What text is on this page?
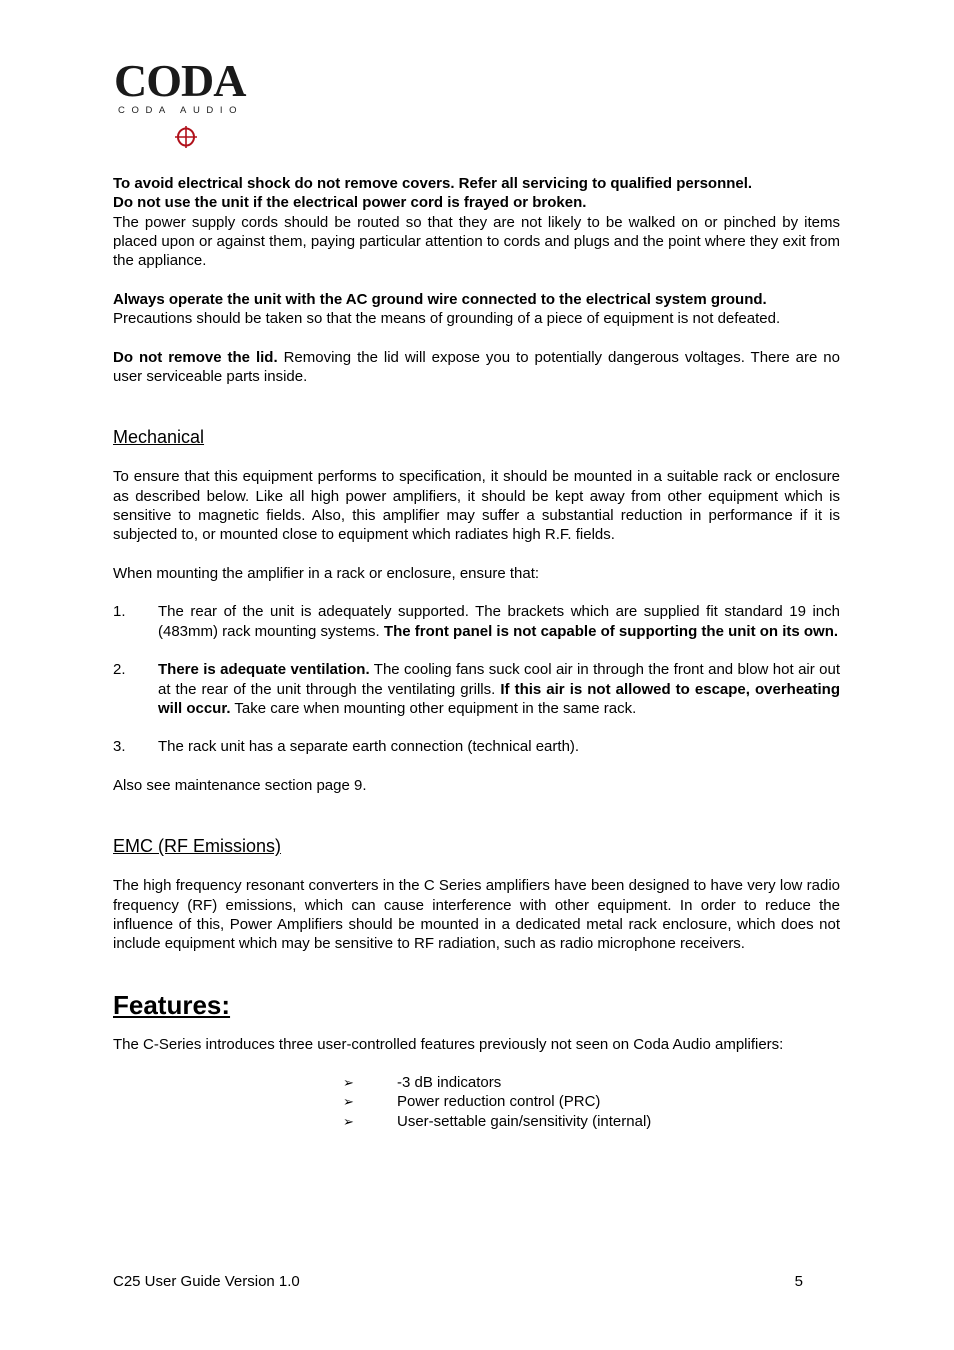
CODA
CODA AUDIO

To avoid electrical shock do not remove covers. Refer all servicing to qualified personnel.

Do not use the unit if the electrical power cord is frayed or broken.

The power supply cords should be routed so that they are not likely to be walked on or pinched by items placed upon or against them, paying particular attention to cords and plugs and the point where they exit from the appliance.

Always operate the unit with the AC ground wire connected to the electrical system ground.

Precautions should be taken so that the means of grounding of a piece of equipment is not defeated.

Do not remove the lid. Removing the lid will expose you to potentially dangerous voltages. There are no user serviceable parts inside.

Mechanical

To ensure that this equipment performs to specification, it should be mounted in a suitable rack or enclosure as described below. Like all high power amplifiers, it should be kept away from other equipment which is sensitive to magnetic fields. Also, this amplifier may suffer a substantial reduction in performance if it is subjected to, or mounted close to equipment which radiates high R.F. fields.

When mounting the amplifier in a rack or enclosure, ensure that:

1.	The rear of the unit is adequately supported. The brackets which are supplied fit standard 19 inch (483mm) rack mounting systems. The front panel is not capable of supporting the unit on its own.
2.	There is adequate ventilation. The cooling fans suck cool air in through the front and blow hot air out at the rear of the unit through the ventilating grills. If this air is not allowed to escape, overheating will occur. Take care when mounting other equipment in the same rack.
3.	The rack unit has a separate earth connection (technical earth).

Also see maintenance section page 9.

EMC (RF Emissions)

The high frequency resonant converters in the C Series amplifiers have been designed to have very low radio frequency (RF) emissions, which can cause interference with other equipment. In order to reduce the influence of this, Power Amplifiers should be mounted in a dedicated metal rack enclosure, which does not include equipment which may be sensitive to RF radiation, such as radio microphone receivers.

Features:

The C-Series introduces three user-controlled features previously not seen on Coda Audio amplifiers:

➢	-3 dB indicators
➢	Power reduction control (PRC)
➢	User-settable gain/sensitivity (internal)
C25 User Guide Version 1.0	5
